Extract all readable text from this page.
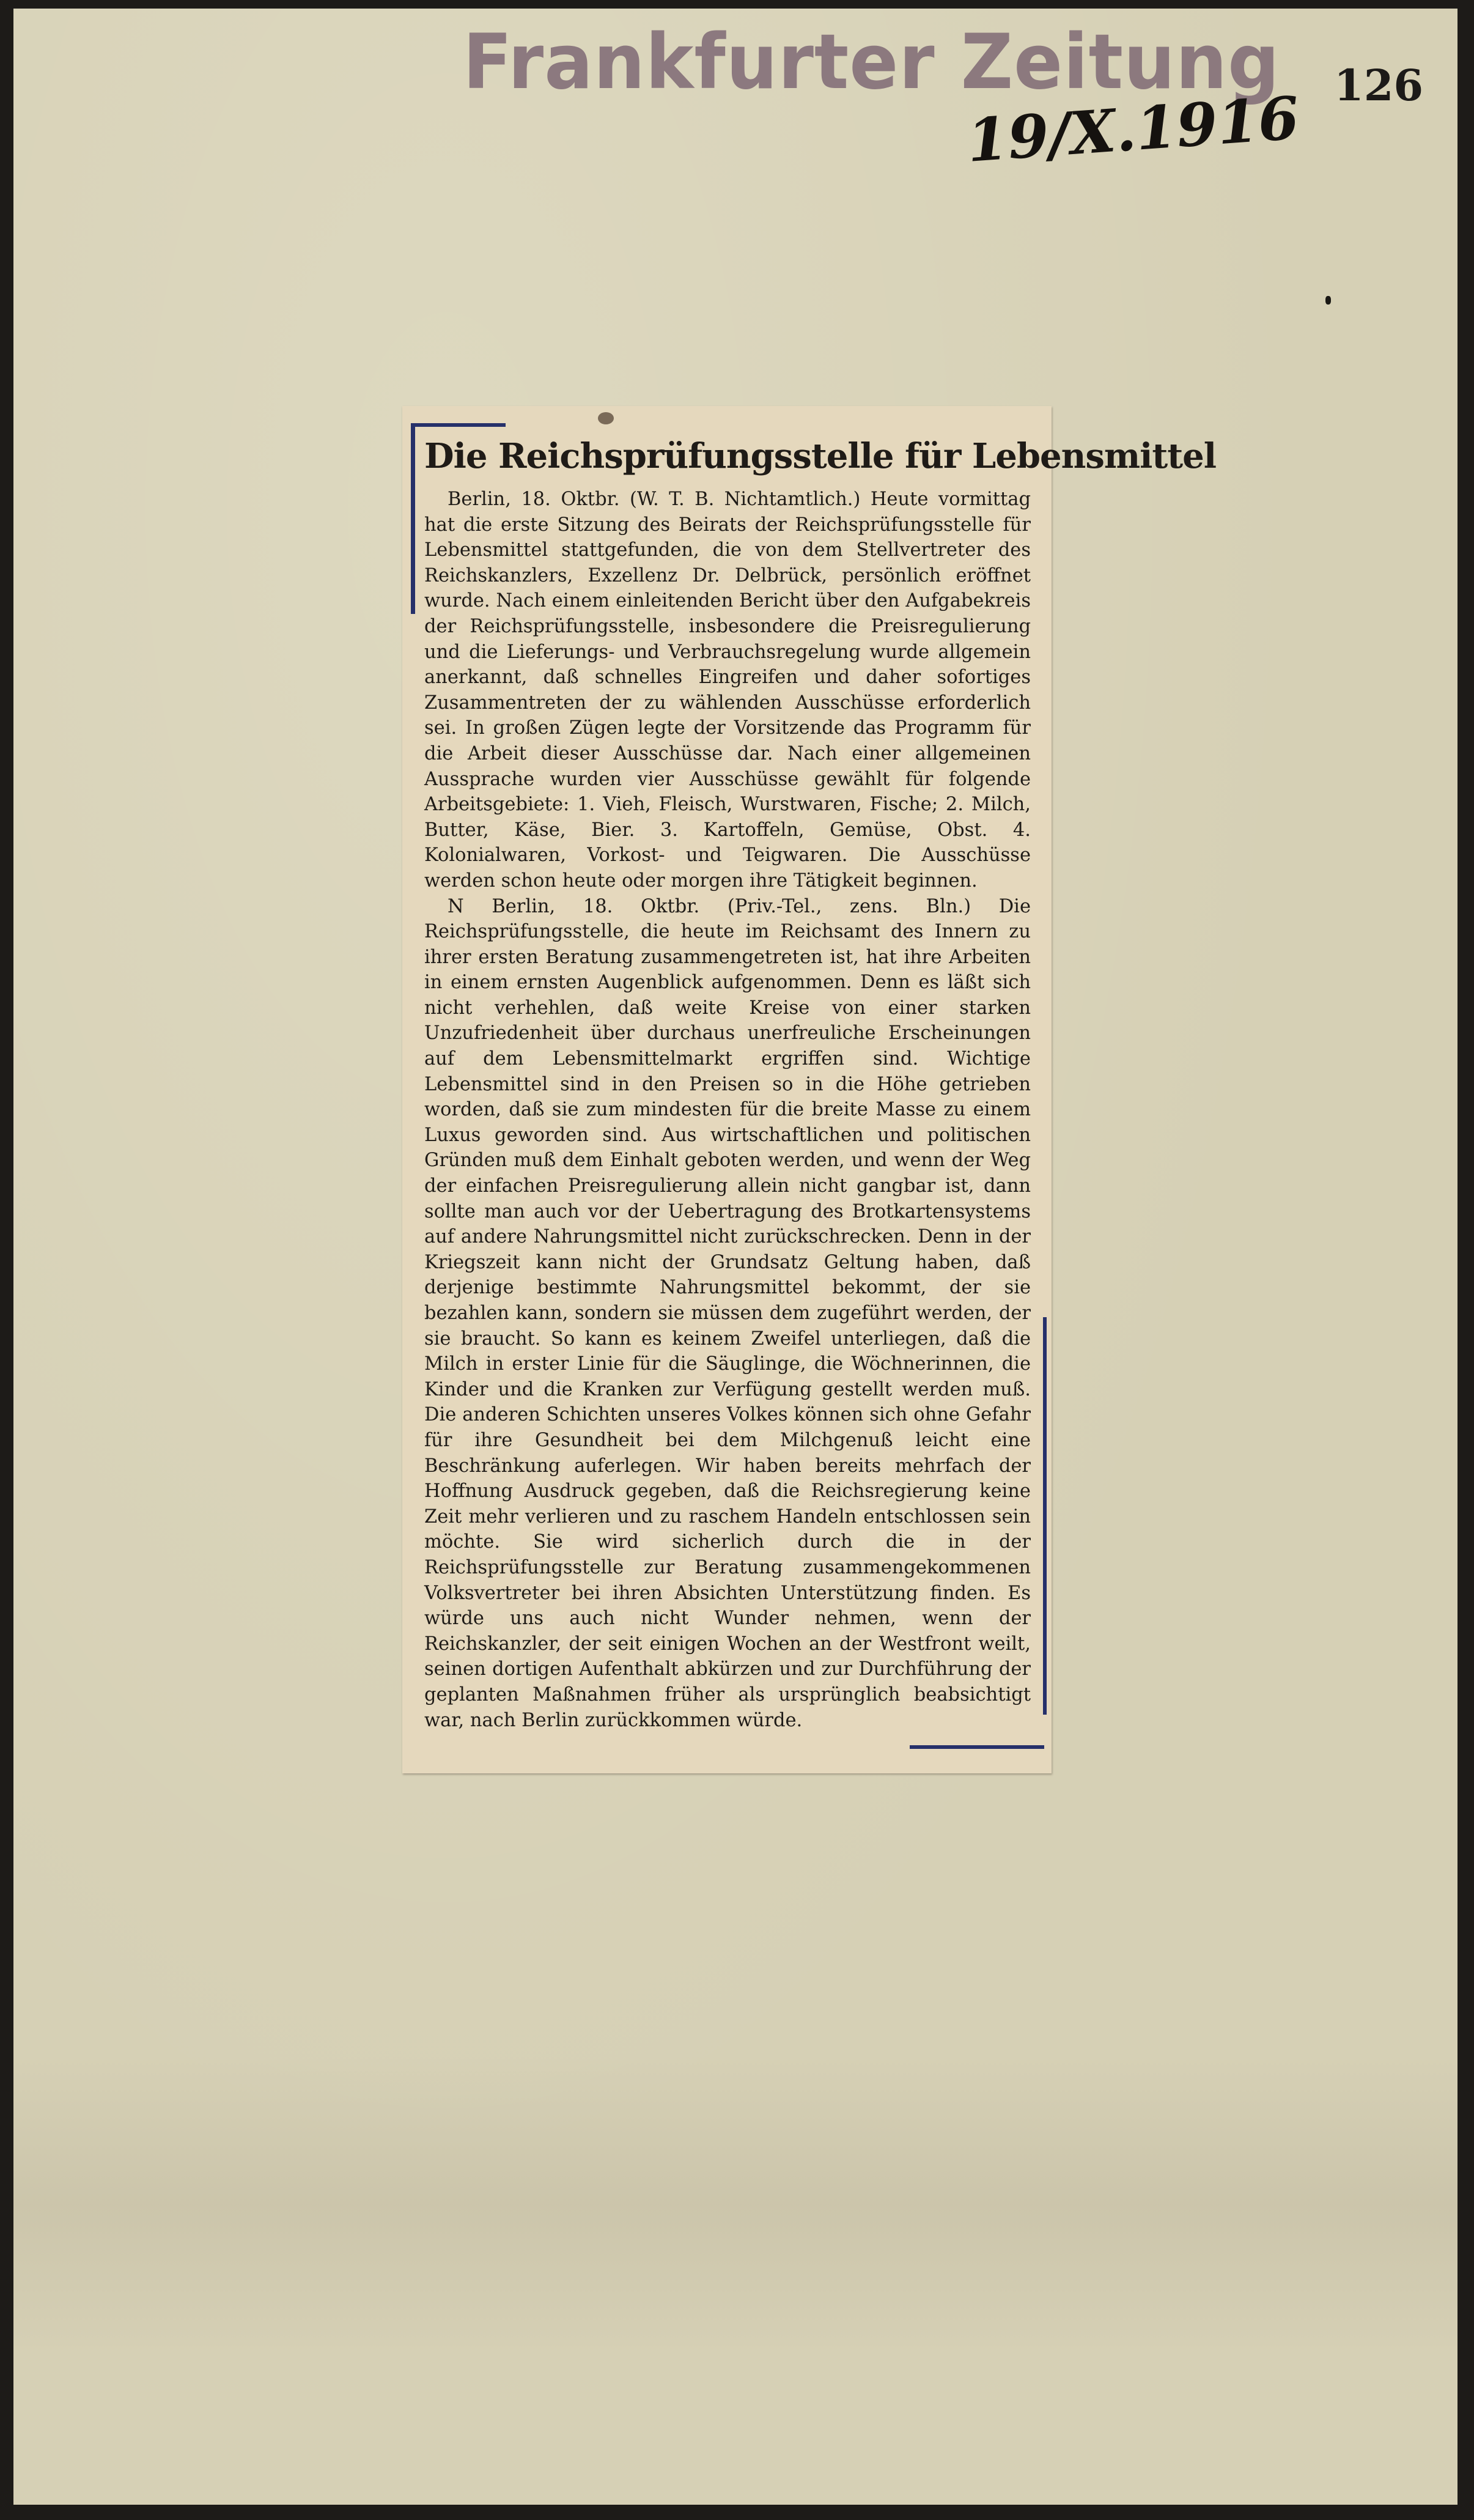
Frankfurter Zeitung 126
19/X.1916
Die Reichsprüfungsstelle für Lebensmittel

Berlin, 18. Oktbr. (W. T. B. Nichtamtlich.) Heute vormittag hat die erste Sitzung des Beirats der Reichsprüfungsstelle für Lebensmittel stattgefunden, die von dem Stellvertreter des Reichskanzlers, Exzellenz Dr. Delbrück, persönlich eröffnet wurde. Nach einem einleitenden Bericht über den Aufgabekreis der Reichsprüfungsstelle, insbesondere die Preisregulierung und die Lieferungs- und Verbrauchsregelung wurde allgemein anerkannt, daß schnelles Eingreifen und daher sofortiges Zusammentreten der zu wählenden Ausschüsse erforderlich sei. In großen Zügen legte der Vorsitzende das Programm für die Arbeit dieser Ausschüsse dar. Nach einer allgemeinen Aussprache wurden vier Ausschüsse gewählt für folgende Arbeitsgebiete: 1. Vieh, Fleisch, Wurstwaren, Fische; 2. Milch, Butter, Käse, Bier. 3. Kartoffeln, Gemüse, Obst. 4. Kolonialwaren, Vorkost- und Teigwaren. Die Ausschüsse werden schon heute oder morgen ihre Tätigkeit beginnen.

N Berlin, 18. Oktbr. (Priv.-Tel., zens. Bln.) Die Reichsprüfungsstelle, die heute im Reichsamt des Innern zu ihrer ersten Beratung zusammengetreten ist, hat ihre Arbeiten in einem ernsten Augenblick aufgenommen. Denn es läßt sich nicht verhehlen, daß weite Kreise von einer starken Unzufriedenheit über durchaus unerfreuliche Erscheinungen auf dem Lebensmittelmarkt ergriffen sind. Wichtige Lebensmittel sind in den Preisen so in die Höhe getrieben worden, daß sie zum mindesten für die breite Masse zu einem Luxus geworden sind. Aus wirtschaftlichen und politischen Gründen muß dem Einhalt geboten werden, und wenn der Weg der einfachen Preisregulierung allein nicht gangbar ist, dann sollte man auch vor der Uebertragung des Brotkartensystems auf andere Nahrungsmittel nicht zurückschrecken. Denn in der Kriegszeit kann nicht der Grundsatz Geltung haben, daß derjenige bestimmte Nahrungsmittel bekommt, der sie bezahlen kann, sondern sie müssen dem zugeführt werden, der sie braucht. So kann es keinem Zweifel unterliegen, daß die Milch in erster Linie für die Säuglinge, die Wöchnerinnen, die Kinder und die Kranken zur Verfügung gestellt werden muß. Die anderen Schichten unseres Volkes können sich ohne Gefahr für ihre Gesundheit bei dem Milchgenuß leicht eine Beschränkung auferlegen. Wir haben bereits mehrfach der Hoffnung Ausdruck gegeben, daß die Reichsregierung keine Zeit mehr verlieren und zu raschem Handeln entschlossen sein möchte. Sie wird sicherlich durch die in der Reichsprüfungsstelle zur Beratung zusammengekommenen Volksvertreter bei ihren Absichten Unterstützung finden. Es würde uns auch nicht Wunder nehmen, wenn der Reichskanzler, der seit einigen Wochen an der Westfront weilt, seinen dortigen Aufenthalt abkürzen und zur Durchführung der geplanten Maßnahmen früher als ursprünglich beabsichtigt war, nach Berlin zurückkommen würde.
